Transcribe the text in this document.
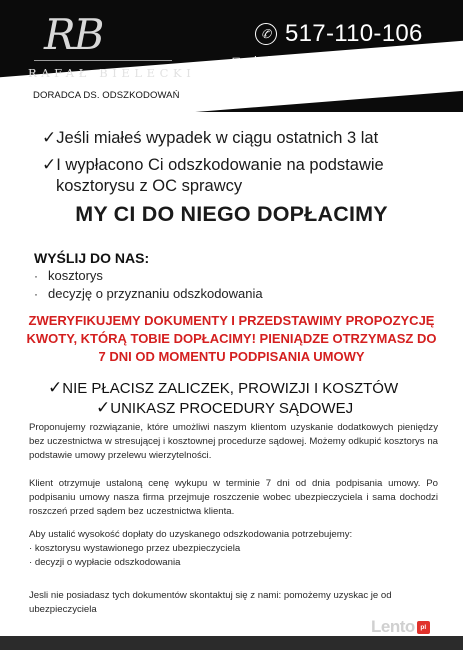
RB
RAFAŁ BIELECKI
DORADCA DS. ODSZKODOWAŃ
✆ 517-110-106
✉ odszkodowania.bielecki@gmail.com
✓Jeśli miałeś wypadek w ciągu ostatnich 3 lat
✓I wypłacono Ci odszkodowanie na podstawie
kosztorysu z OC sprawcy
MY CI DO NIEGO DOPŁACIMY
WYŚLIJ DO NAS:
· kosztorys
· decyzję o przyznaniu odszkodowania
ZWERYFIKUJEMY DOKUMENTY I PRZEDSTAWIMY PROPOZYCJĘ
KWOTY, KTÓRĄ TOBIE DOPŁACIMY! PIENIĄDZE OTRZYMASZ DO
7 DNI OD MOMENTU PODPISANIA UMOWY
✓NIE PŁACISZ ZALICZEK, PROWIZJI I KOSZTÓW
✓UNIKASZ PROCEDURY SĄDOWEJ
Proponujemy rozwiązanie, które umożliwi naszym klientom uzyskanie dodatkowych pieniędzy bez uczestnictwa w stresującej i kosztownej procedurze sądowej. Możemy odkupić kosztorys na podstawie umowy przelewu wierzytelności.
Klient otrzymuje ustaloną cenę wykupu w terminie 7 dni od dnia podpisania umowy. Po podpisaniu umowy nasza firma przejmuje roszczenie wobec ubezpieczyciela i sama dochodzi roszczeń przed sądem bez uczestnictwa klienta.
Aby ustalić wysokość dopłaty do uzyskanego odszkodowania potrzebujemy:
· kosztorysu wystawionego przez ubezpieczyciela
· decyzji o wypłacie odszkodowania
Jesli nie posiadasz tych dokumentów skontaktuj się z nami: pomożemy uzyskac je od ubezpieczyciela
Lento pl
